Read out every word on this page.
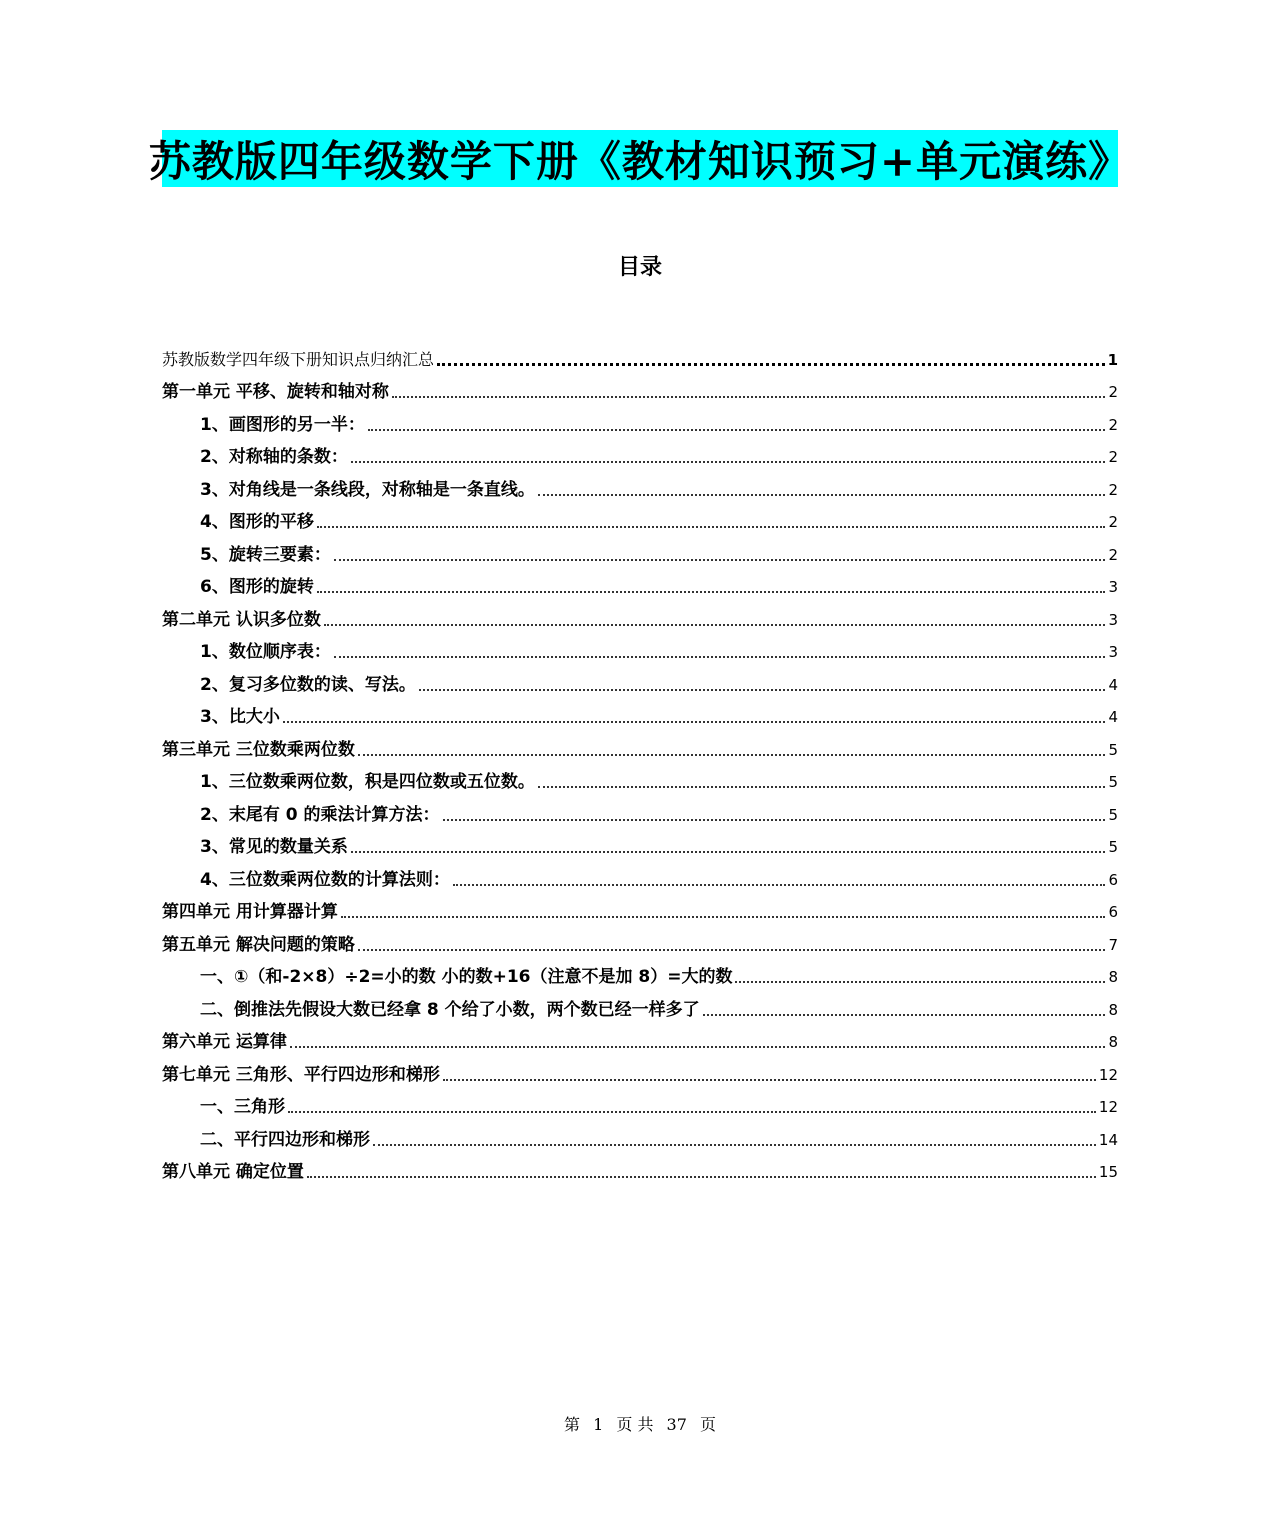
苏教版四年级数学下册《教材知识预习+单元演练》
目录
苏教版数学四年级下册知识点归纳汇总	1
第一单元 平移、旋转和轴对称	2
1、画图形的另一半：	2
2、对称轴的条数：	2
3、对角线是一条线段，对称轴是一条直线。	2
4、图形的平移	2
5、旋转三要素：	2
6、图形的旋转	3
第二单元 认识多位数	3
1、数位顺序表：	3
2、复习多位数的读、写法。	4
3、比大小	4
第三单元 三位数乘两位数	5
1、三位数乘两位数，积是四位数或五位数。	5
2、末尾有 0 的乘法计算方法：	5
3、常见的数量关系	5
4、三位数乘两位数的计算法则：	6
第四单元 用计算器计算	6
第五单元 解决问题的策略	7
一、①（和-2×8）÷2=小的数 小的数+16（注意不是加 8）=大的数	8
二、倒推法先假设大数已经拿 8 个给了小数，两个数已经一样多了	8
第六单元 运算律	8
第七单元 三角形、平行四边形和梯形	12
一、三角形	12
二、平行四边形和梯形	14
第八单元 确定位置	15
第 1 页 共 37 页
